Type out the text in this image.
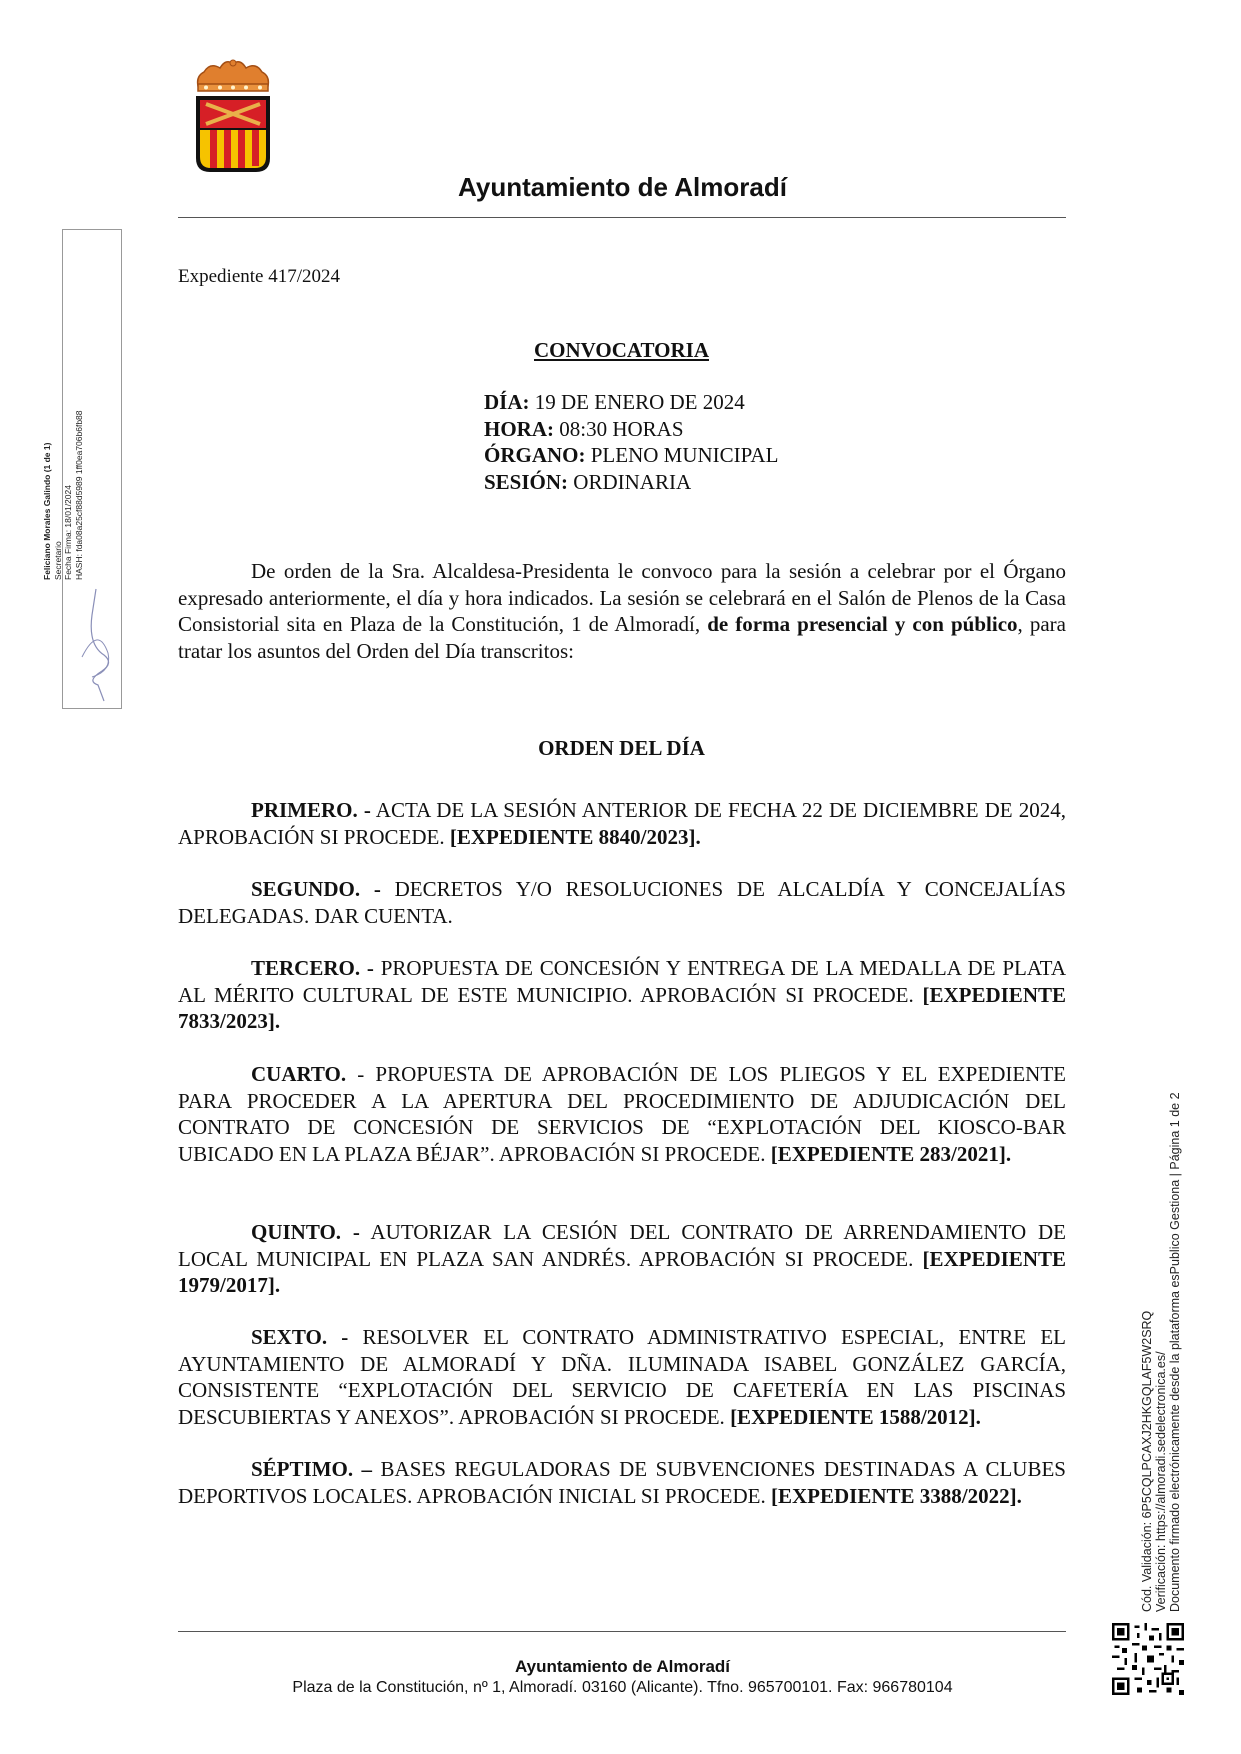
Ayuntamiento de Almoradí
Feliciano Morales Galindo (1 de 1) Secretario Fecha Firma: 18/01/2024 HASH: fda08a25cf88d5989 1ff0ea706b6fb88
Expediente 417/2024
CONVOCATORIA
DÍA: 19 DE ENERO DE 2024
HORA: 08:30 HORAS
ÓRGANO: PLENO MUNICIPAL
SESIÓN: ORDINARIA
De orden de la Sra. Alcaldesa-Presidenta le convoco para la sesión a celebrar por el Órgano expresado anteriormente, el día y hora indicados. La sesión se celebrará en el Salón de Plenos de la Casa Consistorial sita en Plaza de la Constitución, 1 de Almoradí, de forma presencial y con público, para tratar los asuntos del Orden del Día transcritos:
ORDEN DEL DÍA
PRIMERO. - ACTA DE LA SESIÓN ANTERIOR DE FECHA 22 DE DICIEMBRE DE 2024, APROBACIÓN SI PROCEDE. [EXPEDIENTE 8840/2023].
SEGUNDO. - DECRETOS Y/O RESOLUCIONES DE ALCALDÍA Y CONCEJALÍAS DELEGADAS. DAR CUENTA.
TERCERO. - PROPUESTA DE CONCESIÓN Y ENTREGA DE LA MEDALLA DE PLATA AL MÉRITO CULTURAL DE ESTE MUNICIPIO. APROBACIÓN SI PROCEDE. [EXPEDIENTE 7833/2023].
CUARTO. - PROPUESTA DE APROBACIÓN DE LOS PLIEGOS Y EL EXPEDIENTE PARA PROCEDER A LA APERTURA DEL PROCEDIMIENTO DE ADJUDICACIÓN DEL CONTRATO DE CONCESIÓN DE SERVICIOS DE “EXPLOTACIÓN DEL KIOSCO-BAR UBICADO EN LA PLAZA BÉJAR”. APROBACIÓN SI PROCEDE. [EXPEDIENTE 283/2021].
QUINTO. - AUTORIZAR LA CESIÓN DEL CONTRATO DE ARRENDAMIENTO DE LOCAL MUNICIPAL EN PLAZA SAN ANDRÉS. APROBACIÓN SI PROCEDE. [EXPEDIENTE 1979/2017].
SEXTO. - RESOLVER EL CONTRATO ADMINISTRATIVO ESPECIAL, ENTRE EL AYUNTAMIENTO DE ALMORADÍ Y DÑA. ILUMINADA ISABEL GONZÁLEZ GARCÍA, CONSISTENTE “EXPLOTACIÓN DEL SERVICIO DE CAFETERÍA EN LAS PISCINAS DESCUBIERTAS Y ANEXOS”. APROBACIÓN SI PROCEDE. [EXPEDIENTE 1588/2012].
SÉPTIMO. – BASES REGULADORAS DE SUBVENCIONES DESTINADAS A CLUBES DEPORTIVOS LOCALES. APROBACIÓN INICIAL SI PROCEDE. [EXPEDIENTE 3388/2022].
Ayuntamiento de Almoradí
Plaza de la Constitución, nº 1, Almoradí. 03160 (Alicante). Tfno. 965700101. Fax: 966780104
Cód. Validación: 6P5CQLPCAXJ2HKGQLAF5W2SRQ Verificación: https://almoradi.sedelectronica.es/ Documento firmado electrónicamente desde la plataforma esPublico Gestiona | Página 1 de 2
